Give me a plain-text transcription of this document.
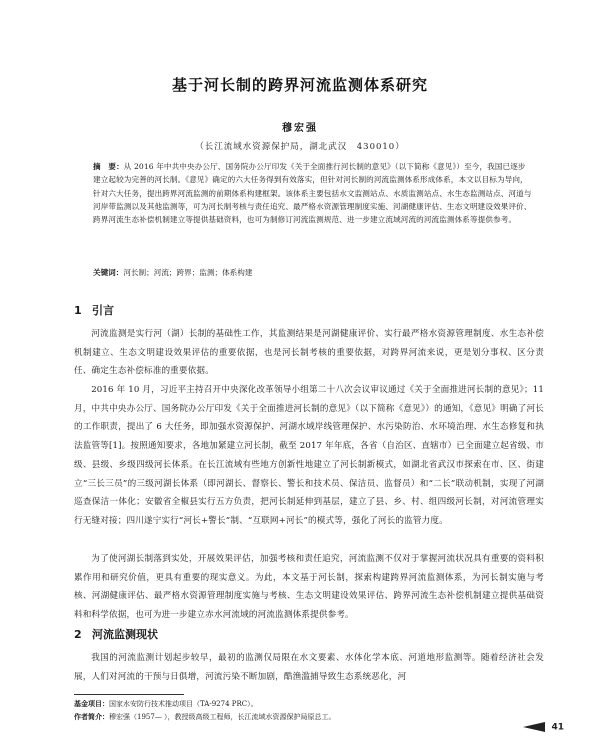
基于河长制的跨界河流监测体系研究
穆宏强
（长江流域水资源保护局，湖北武汉　430010）
摘　要：从 2016 年中共中央办公厅、国务院办公厅印发《关于全面推行河长制的意见》（以下简称《意见》）至今，我国已逐步建立起较为完善的河长制。《意见》确定的六大任务得到有效落实，但针对河长制的河流监测体系形成体系，本文以目标为导向，针对六大任务，提出跨界河流监测的前期体系构建框架。该体系主要包括水文监测站点、水质监测站点、水生态监测站点、河道与河岸带监测以及其他监测等，可为河长制考核与责任追究、最严格水资源管理制度实施、河湖健康评估、生态文明建设效果评价、跨界河流生态补偿机制建立等提供基础资料，也可为制修订河流监测规范、进一步建立流域河流的河流监测体系等提供参考。
关键词：河长制；河流；跨界；监测；体系构建
1 引言
河流监测是实行河（湖）长制的基础性工作，其监测结果是河湖健康评价、实行最严格水资源管理制度、水生态补偿机制建立、生态文明建设效果评估的重要依据，也是河长制考核的重要依据，对跨界河流来说，更是划分事权、区分责任、确定生态补偿标准的重要依据。
2016 年 10 月，习近平主持召开中央深化改革领导小组第二十八次会议审议通过《关于全面推进河长制的意见》；11 月，中共中央办公厅、国务院办公厅印发《关于全面推进河长制的意见》（以下简称《意见》）的通知，《意见》明确了河长的工作职责，提出了 6 大任务，即加强水资源保护、河湖水域岸线管理保护、水污染防治、水环境治理、水生态修复和执法监管等[1]。按照通知要求，各地加紧建立河长制，截至 2017 年年底，各省（自治区、直辖市）已全面建立起省级、市级、县级、乡级四级河长体系。在长江流域有些地方创新性地建立了河长制新模式，如湖北省武汉市探索在市、区、街建立“三长三员”的三级河湖长体系（即河湖长、督察长、警长和技术员、保洁员、监督员）和“二长”联动机制，实现了河湖巡查保洁一体化；安徽省全椒县实行五方负责，把河长制延伸到基层，建立了县、乡、村、组四级河长制，对河流管理实行无缝对接；四川遂宁实行“河长+警长”制、“互联网+河长”的模式等，强化了河长的监管力度。
为了使河湖长制落到实处，开展效果评估，加强考核和责任追究，河流监测不仅对于掌握河流状况具有重要的资料积累作用和研究价值，更具有重要的现实意义。为此，本文基于河长制，探索构建跨界河流监测体系，为河长制实施与考核、河湖健康评估、最严格水资源管理制度实施与考核、生态文明建设效果评估、跨界河流生态补偿机制建立提供基础资料和科学依据，也可为进一步建立赤水河流域的河流监测体系提供参考。
2 河流监测现状
我国的河流监测计划起步较早，最初的监测仅局限在水文要素、水体化学本底、河道地形监测等。随着经济社会发展，人们对河流的干预与日俱增，河流污染不断加剧，酷渔滥捕导致生态系统恶化，河
基金项目：国家水安防行技术推动项目（TA-9274 PRC）。
作者简介：穆宏强（1957— ），教授级高级工程师，长江流域水资源保护局原总工。
41
